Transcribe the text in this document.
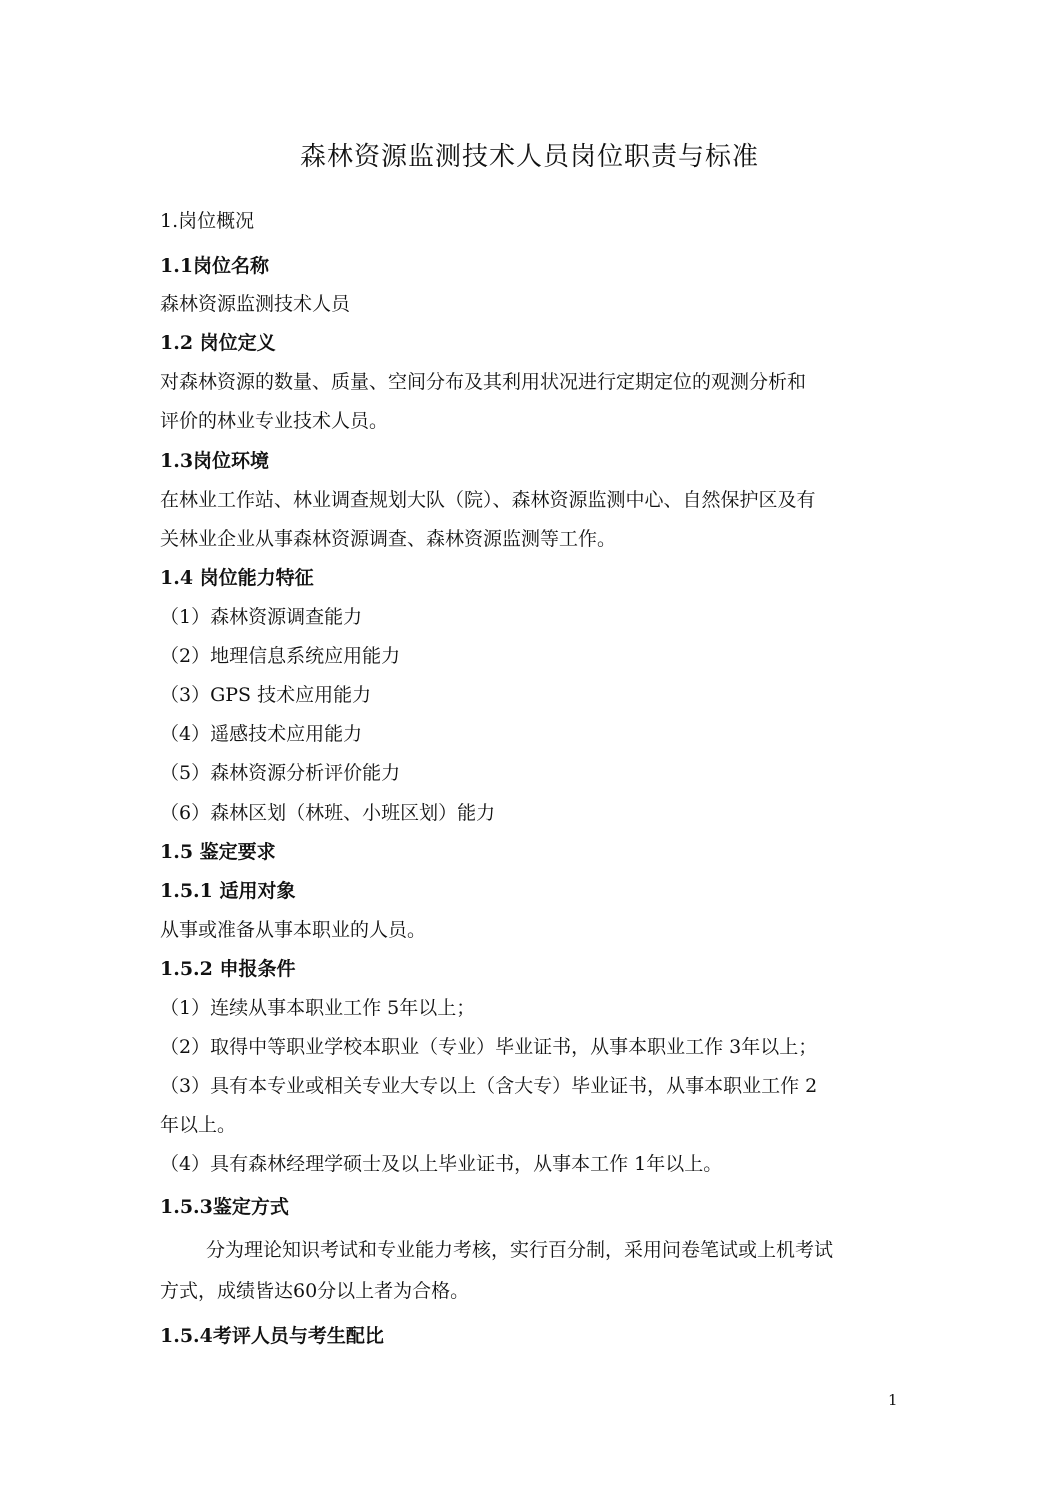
森林资源监测技术人员岗位职责与标准
1.岗位概况
1.1岗位名称
森林资源监测技术人员
1.2 岗位定义
对森林资源的数量、质量、空间分布及其利用状况进行定期定位的观测分析和
评价的林业专业技术人员。
1.3岗位环境
在林业工作站、林业调查规划大队（院）、森林资源监测中心、自然保护区及有
关林业企业从事森林资源调查、森林资源监测等工作。
1.4 岗位能力特征
（1）森林资源调查能力
（2）地理信息系统应用能力
（3）GPS 技术应用能力
（4）遥感技术应用能力
（5）森林资源分析评价能力
（6）森林区划（林班、小班区划）能力
1.5 鉴定要求
1.5.1 适用对象
从事或准备从事本职业的人员。
1.5.2 申报条件
（1）连续从事本职业工作 5年以上；
（2）取得中等职业学校本职业（专业）毕业证书，从事本职业工作 3年以上；
（3）具有本专业或相关专业大专以上（含大专）毕业证书，从事本职业工作 2
年以上。
（4）具有森林经理学硕士及以上毕业证书，从事本工作 1年以上。
1.5.3鉴定方式
分为理论知识考试和专业能力考核，实行百分制，采用问卷笔试或上机考试
方式，成绩皆达60分以上者为合格。
1.5.4考评人员与考生配比
1
